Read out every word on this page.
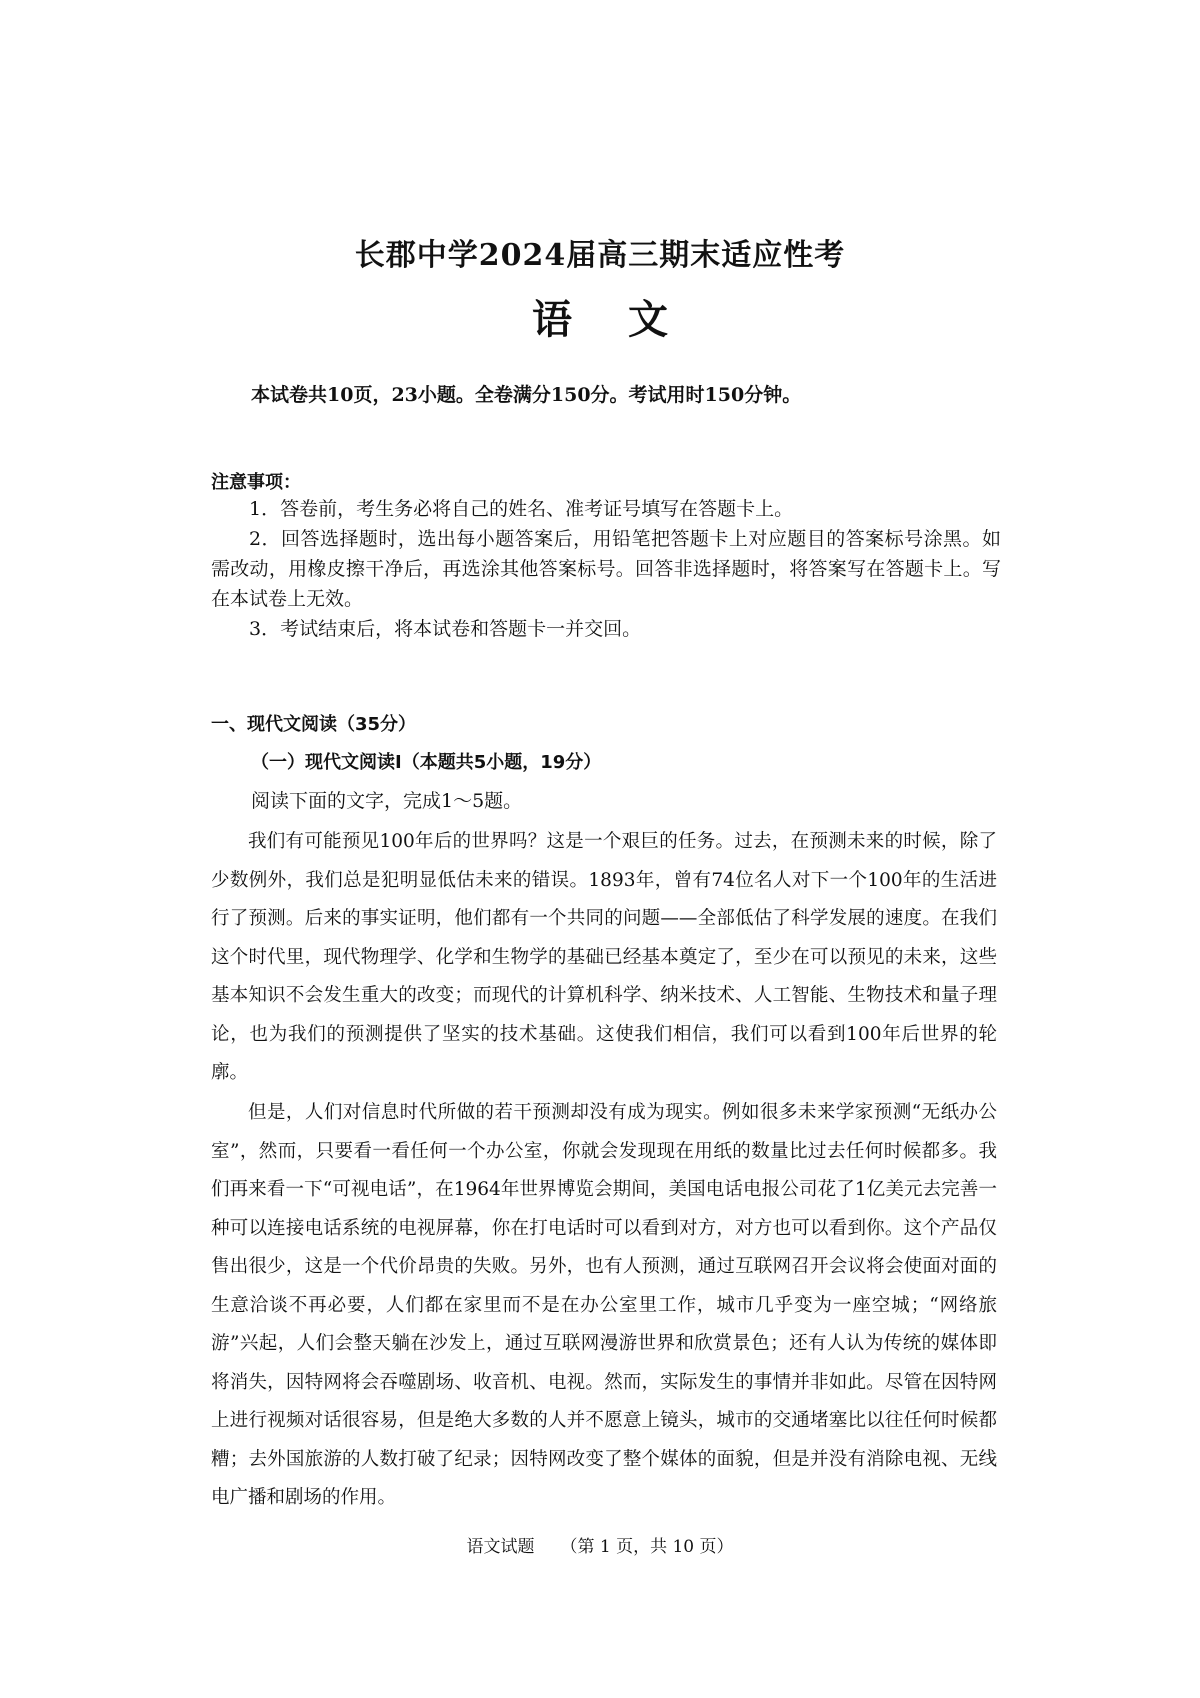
长郡中学2024届高三期末适应性考
语 文
本试卷共10页，23小题。全卷满分150分。考试用时150分钟。
注意事项：

1．答卷前，考生务必将自己的姓名、准考证号填写在答题卡上。

2．回答选择题时，选出每小题答案后，用铅笔把答题卡上对应题目的答案标号涂黑。如需改动，用橡皮擦干净后，再选涂其他答案标号。回答非选择题时，将答案写在答题卡上。写在本试卷上无效。

3．考试结束后，将本试卷和答题卡一并交回。

一、现代文阅读（35分）
（一）现代文阅读Ⅰ（本题共5小题，19分）
阅读下面的文字，完成1～5题。

我们有可能预见100年后的世界吗？这是一个艰巨的任务。过去，在预测未来的时候，除了少数例外，我们总是犯明显低估未来的错误。1893年，曾有74位名人对下一个100年的生活进行了预测。后来的事实证明，他们都有一个共同的问题——全部低估了科学发展的速度。在我们这个时代里，现代物理学、化学和生物学的基础已经基本奠定了，至少在可以预见的未来，这些基本知识不会发生重大的改变；而现代的计算机科学、纳米技术、人工智能、生物技术和量子理论，也为我们的预测提供了坚实的技术基础。这使我们相信，我们可以看到100年后世界的轮廓。

但是，人们对信息时代所做的若干预测却没有成为现实。例如很多未来学家预测“无纸办公室”，然而，只要看一看任何一个办公室，你就会发现现在用纸的数量比过去任何时候都多。我们再来看一下“可视电话”，在1964年世界博览会期间，美国电话电报公司花了1亿美元去完善一种可以连接电话系统的电视屏幕，你在打电话时可以看到对方，对方也可以看到你。这个产品仅售出很少，这是一个代价昂贵的失败。另外，也有人预测，通过互联网召开会议将会使面对面的生意洽谈不再必要，人们都在家里而不是在办公室里工作，城市几乎变为一座空城；“网络旅游”兴起，人们会整天躺在沙发上，通过互联网漫游世界和欣赏景色；还有人认为传统的媒体即将消失，因特网将会吞噬剧场、收音机、电视。然而，实际发生的事情并非如此。尽管在因特网上进行视频对话很容易，但是绝大多数的人并不愿意上镜头，城市的交通堵塞比以往任何时候都糟；去外国旅游的人数打破了纪录；因特网改变了整个媒体的面貌，但是并没有消除电视、无线电广播和剧场的作用。

语文试题 （第 1 页，共 10 页）
